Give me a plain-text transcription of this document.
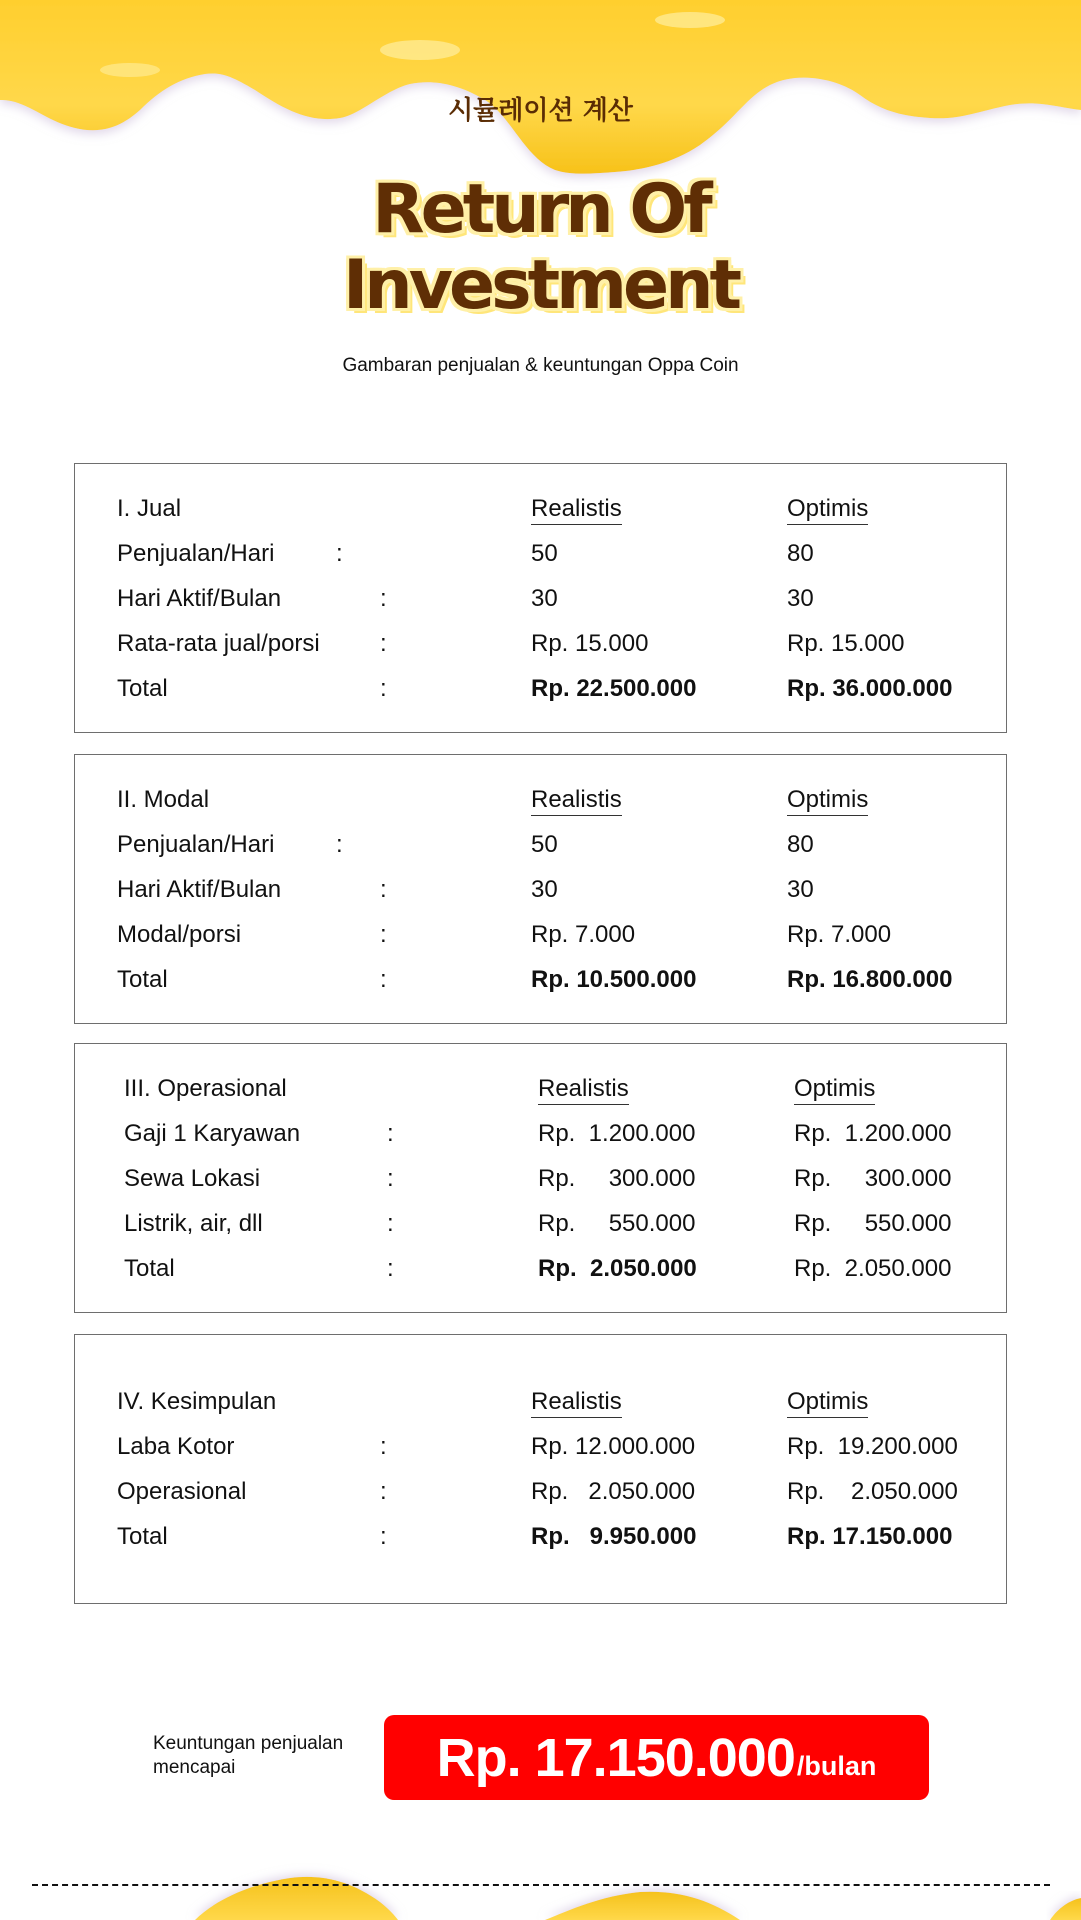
시뮬레이션 계산
Return Of
Investment
Gambaran penjualan & keuntungan Oppa Coin
I. Jual	Realistis	Optimis
Penjualan/Hari	:	50	80
Hari Aktif/Bulan	:	30	30
Rata-rata jual/porsi	:	Rp. 15.000	Rp. 15.000
Total	:	Rp. 22.500.000	Rp. 36.000.000
II. Modal	Realistis	Optimis
Penjualan/Hari	:	50	80
Hari Aktif/Bulan	:	30	30
Modal/porsi	:	Rp. 7.000	Rp. 7.000
Total	:	Rp. 10.500.000	Rp. 16.800.000
III. Operasional	Realistis	Optimis
Gaji 1 Karyawan	:	Rp.  1.200.000	Rp.  1.200.000
Sewa Lokasi	:	Rp.     300.000	Rp.     300.000
Listrik, air, dll	:	Rp.     550.000	Rp.     550.000
Total	:	Rp.  2.050.000	Rp.  2.050.000
IV. Kesimpulan	Realistis	Optimis
Laba Kotor	:	Rp. 12.000.000	Rp.  19.200.000
Operasional	:	Rp.   2.050.000	Rp.    2.050.000
Total	:	Rp.   9.950.000	Rp. 17.150.000
Keuntungan penjualan mencapai	Rp. 17.150.000 /bulan
